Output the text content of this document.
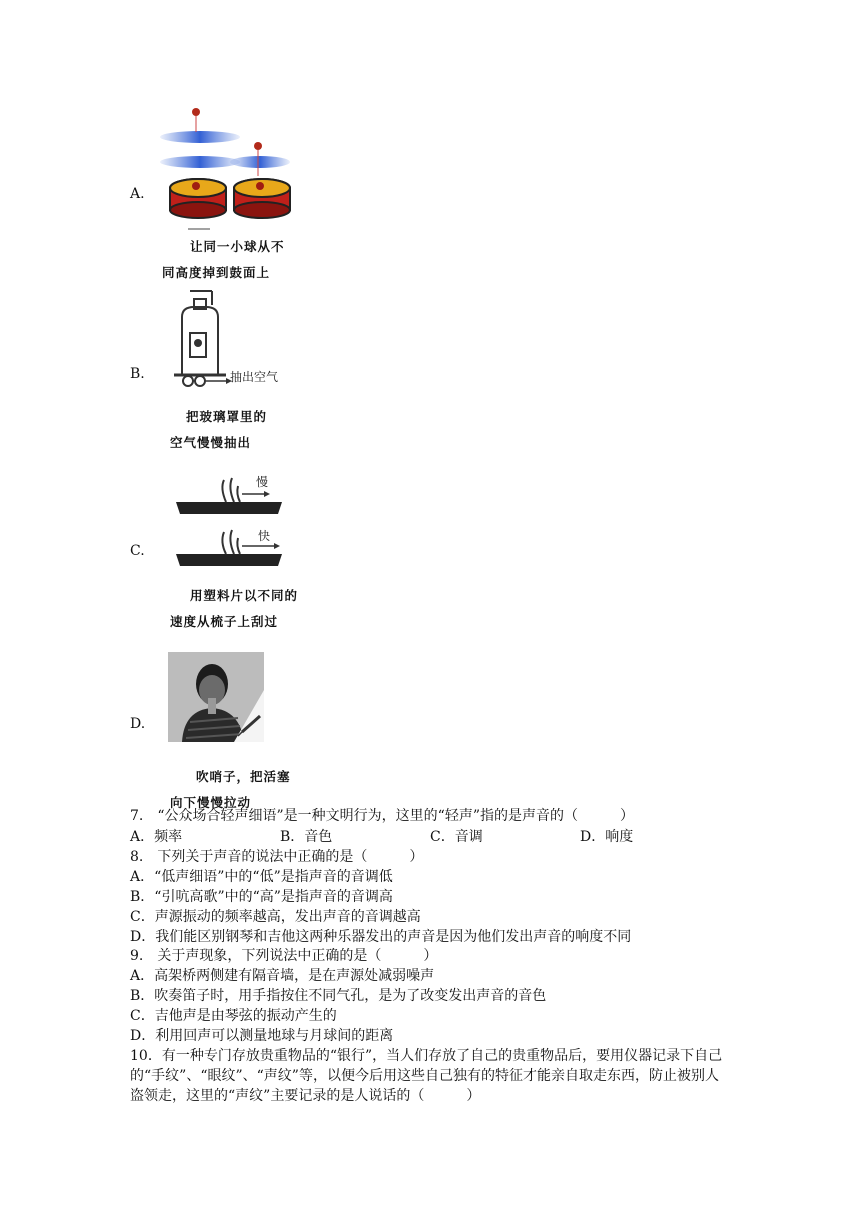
A.
让同一小球从不
同高度掉到鼓面上
B.	抽出空气
把玻璃罩里的
空气慢慢抽出
C.
慢
快
用塑料片以不同的
速度从梳子上刮过
D.
吹哨子，把活塞
向下慢慢拉动
7.　“公众场合轻声细语”是一种文明行为，这里的“轻声”指的是声音的（　　　）
A．频率	B．音色	C．音调	D．响度
8.　下列关于声音的说法中正确的是（　　　）
A．“低声细语”中的“低”是指声音的音调低
B．“引吭高歌”中的“高”是指声音的音调高
C．声源振动的频率越高，发出声音的音调越高
D．我们能区别钢琴和吉他这两种乐器发出的声音是因为他们发出声音的响度不同
9.　关于声现象，下列说法中正确的是（　　　）
A．高架桥两侧建有隔音墙，是在声源处减弱噪声
B．吹奏笛子时，用手指按住不同气孔，是为了改变发出声音的音色
C．吉他声是由琴弦的振动产生的
D．利用回声可以测量地球与月球间的距离
10．有一种专门存放贵重物品的“银行”，当人们存放了自己的贵重物品后，要用仪器记录下自己的“手纹”、“眼纹”、“声纹”等，以便今后用这些自己独有的特征才能亲自取走东西，防止被别人盗领走，这里的“声纹”主要记录的是人说话的（　　　）
